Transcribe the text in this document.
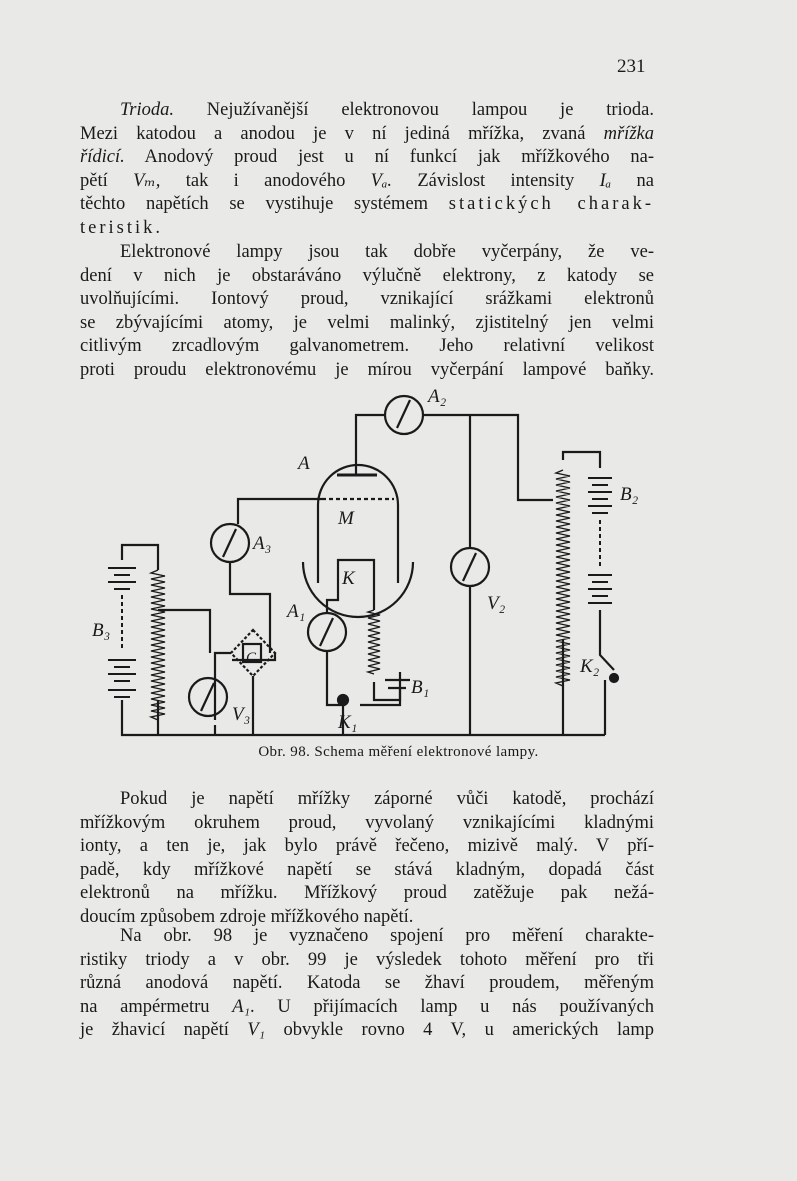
231
Trioda. Nejužívanější elektronovou lampou je trioda.
Mezi katodou a anodou je v ní jediná mřížka, zvaná mřížka
řídicí. Anodový proud jest u ní funkcí jak mřížkového na-
pětí Vₘ, tak i anodového Vₐ. Závislost intensity Iₐ na
těchto napětích se vystihuje systémem statických charak-
teristik.
Elektronové lampy jsou tak dobře vyčerpány, že ve-
dení v nich je obstaráváno výlučně elektrony, z katody se
uvolňujícími. Iontový proud, vznikající srážkami elektronů
se zbývajícími atomy, je velmi malinký, zjistitelný jen velmi
citlivým zrcadlovým galvanometrem. Jeho relativní velikost
proti proudu elektronovému je mírou vyčerpání lampové baňky.
A₂
A
M
A₃
K
A₁	V₂
B₂
B₃
C
V₃
B₁
K₁
K₂
Obr. 98. Schema měření elektronové lampy.
Pokud je napětí mřížky záporné vůči katodě, prochází
mřížkovým okruhem proud, vyvolaný vznikajícími kladnými
ionty, a ten je, jak bylo právě řečeno, mizivě malý. V pří-
padě, kdy mřížkové napětí se stává kladným, dopadá část
elektronů na mřížku. Mřížkový proud zatěžuje pak nežá-
doucím způsobem zdroje mřížkového napětí.
Na obr. 98 je vyznačeno spojení pro měření charakte-
ristiky triody a v obr. 99 je výsledek tohoto měření pro tři
různá anodová napětí. Katoda se žhaví proudem, měřeným
na ampérmetru A₁. U přijímacích lamp u nás používaných
je žhavicí napětí V₁ obvykle rovno 4 V, u amerických lamp
